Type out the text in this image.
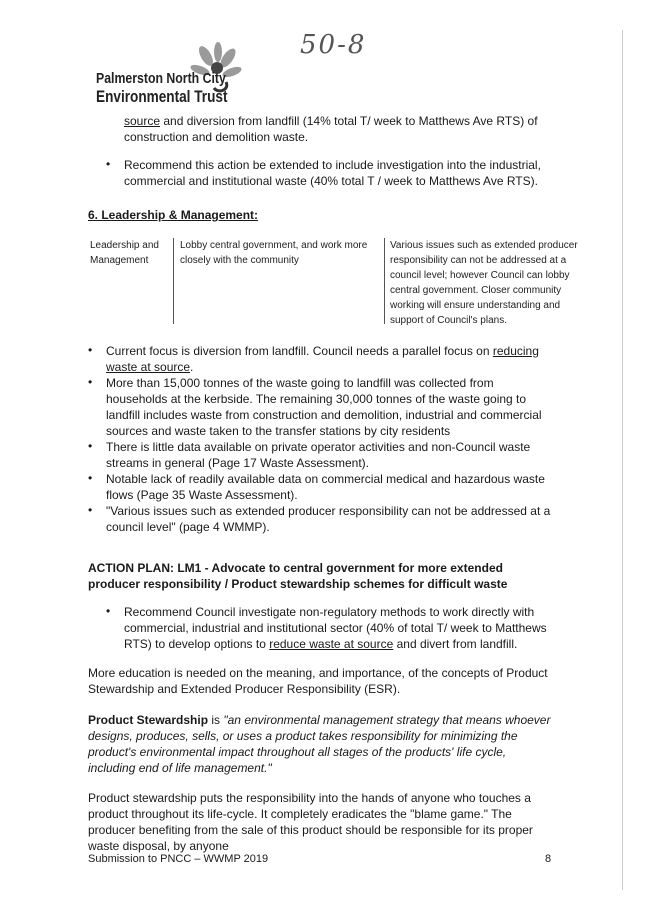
50-8
Palmerston North City
Environmental Trust
source and diversion from landfill (14% total T/ week to Matthews Ave RTS) of construction and demolition waste.
• Recommend this action be extended to include investigation into the industrial, commercial and institutional waste (40% total T / week to Matthews Ave RTS).
6. Leadership & Management:
Leadership and Management
Lobby central government, and work more closely with the community
Various issues such as extended producer responsibility can not be addressed at a council level; however Council can lobby central government. Closer community working will ensure understanding and support of Council's plans.
• Current focus is diversion from landfill. Council needs a parallel focus on reducing waste at source.
• More than 15,000 tonnes of the waste going to landfill was collected from households at the kerbside. The remaining 30,000 tonnes of the waste going to landfill includes waste from construction and demolition, industrial and commercial sources and waste taken to the transfer stations by city residents
• There is little data available on private operator activities and non-Council waste streams in general (Page 17 Waste Assessment).
• Notable lack of readily available data on commercial medical and hazardous waste flows (Page 35 Waste Assessment).
• "Various issues such as extended producer responsibility can not be addressed at a council level" (page 4 WMMP).
ACTION PLAN: LM1 - Advocate to central government for more extended producer responsibility / Product stewardship schemes for difficult waste
• Recommend Council investigate non-regulatory methods to work directly with commercial, industrial and institutional sector (40% of total T/ week to Matthews RTS) to develop options to reduce waste at source and divert from landfill.
More education is needed on the meaning, and importance, of the concepts of Product Stewardship and Extended Producer Responsibility (ESR).
Product Stewardship is "an environmental management strategy that means whoever designs, produces, sells, or uses a product takes responsibility for minimizing the product's environmental impact throughout all stages of the products' life cycle, including end of life management."
Product stewardship puts the responsibility into the hands of anyone who touches a product throughout its life-cycle. It completely eradicates the "blame game." The producer benefiting from the sale of this product should be responsible for its proper waste disposal, by anyone
Submission to PNCC – WWMP 2019	8
